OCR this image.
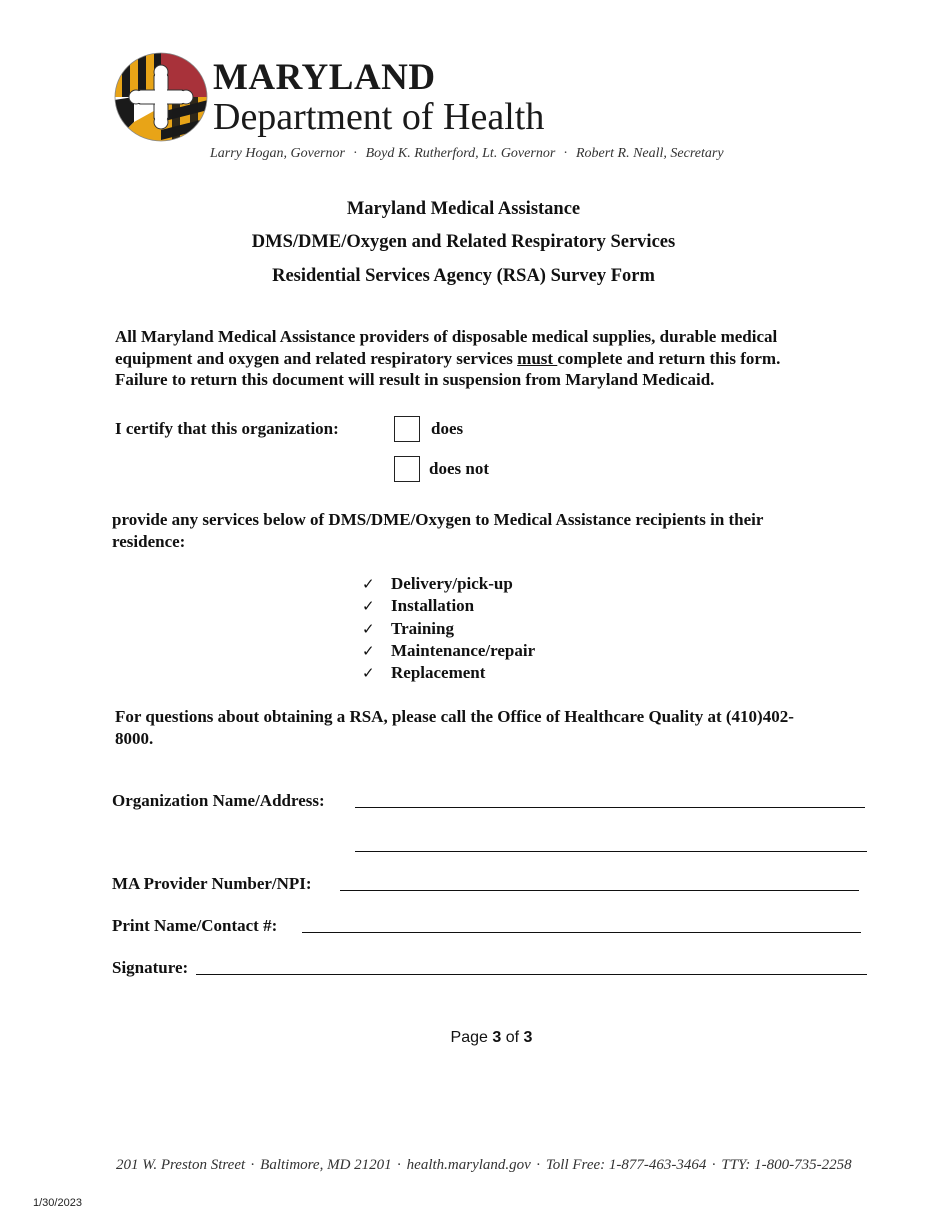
MARYLAND
Department of Health
Larry Hogan, Governor · Boyd K. Rutherford, Lt. Governor · Robert R. Neall, Secretary
Maryland Medical Assistance
DMS/DME/Oxygen and Related Respiratory Services
Residential Services Agency (RSA) Survey Form
All Maryland Medical Assistance providers of disposable medical supplies, durable medical equipment and oxygen and related respiratory services must complete and return this form. Failure to return this document will result in suspension from Maryland Medicaid.
I certify that this organization:	does
does not
provide any services below of DMS/DME/Oxygen to Medical Assistance recipients in their residence:
✓ Delivery/pick-up
✓ Installation
✓ Training
✓ Maintenance/repair
✓ Replacement
For questions about obtaining a RSA, please call the Office of Healthcare Quality at (410)402-8000.
Organization Name/Address:
MA Provider Number/NPI:
Print Name/Contact #:
Signature:
Page 3 of 3
201 W. Preston Street · Baltimore, MD 21201 · health.maryland.gov · Toll Free: 1-877-463-3464 · TTY: 1-800-735-2258
1/30/2023
